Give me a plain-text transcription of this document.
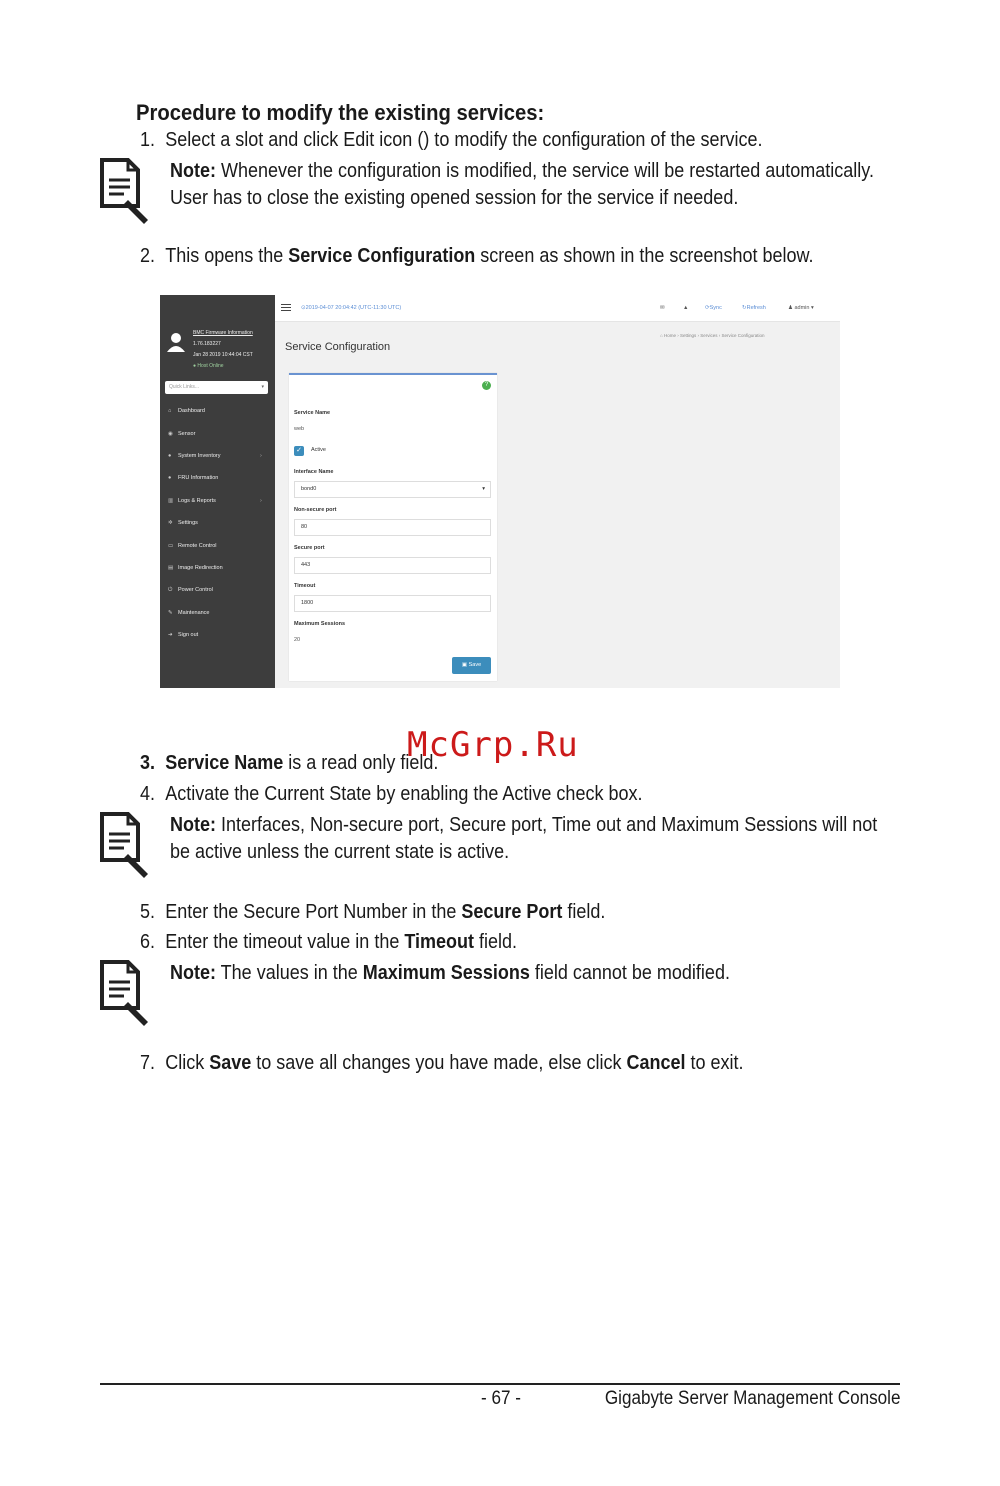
Procedure to modify the existing services:
1. Select a slot and click Edit icon () to modify the configuration of the service.
Note: Whenever the configuration is modified, the service will be restarted automatically.
User has to close the existing opened session for the service if needed.
2. This opens the Service Configuration screen as shown in the screenshot below.
BMC Firmware Information
1.76.183227
Jan 28 2019 10:44:04 CST
● Host Online
Quick Links...	▾
⌂ Dashboard
◉ Sensor
● System Inventory	›
● FRU Information
▥ Logs & Reports	›
✲ Settings
▭ Remote Control
▤ Image Redirection
⏻ Power Control
✎ Maintenance
➜ Sign out
⊙2019-04-07 20:04:42 (UTC-11:30 UTC)	✉	▲	⟳Sync	↻Refresh	♟ admin ▾
⌂ Home › Settings › Services › Service Configuration
Service Configuration
?
Service Name
web
✓	Active
Interface Name
bond0	▾
Non-secure port
80
Secure port
443
Timeout
1800
Maximum Sessions
20
▣ Save
McGrp.Ru
3. Service Name is a read only field.
4. Activate the Current State by enabling the Active check box.
Note: Interfaces, Non-secure port, Secure port, Time out and Maximum Sessions will not
be active unless the current state is active.
5. Enter the Secure Port Number in the Secure Port field.
6. Enter the timeout value in the Timeout field.
Note: The values in the Maximum Sessions field cannot be modified.
7. Click Save to save all changes you have made, else click Cancel to exit.
- 67 -	Gigabyte Server Management Console
